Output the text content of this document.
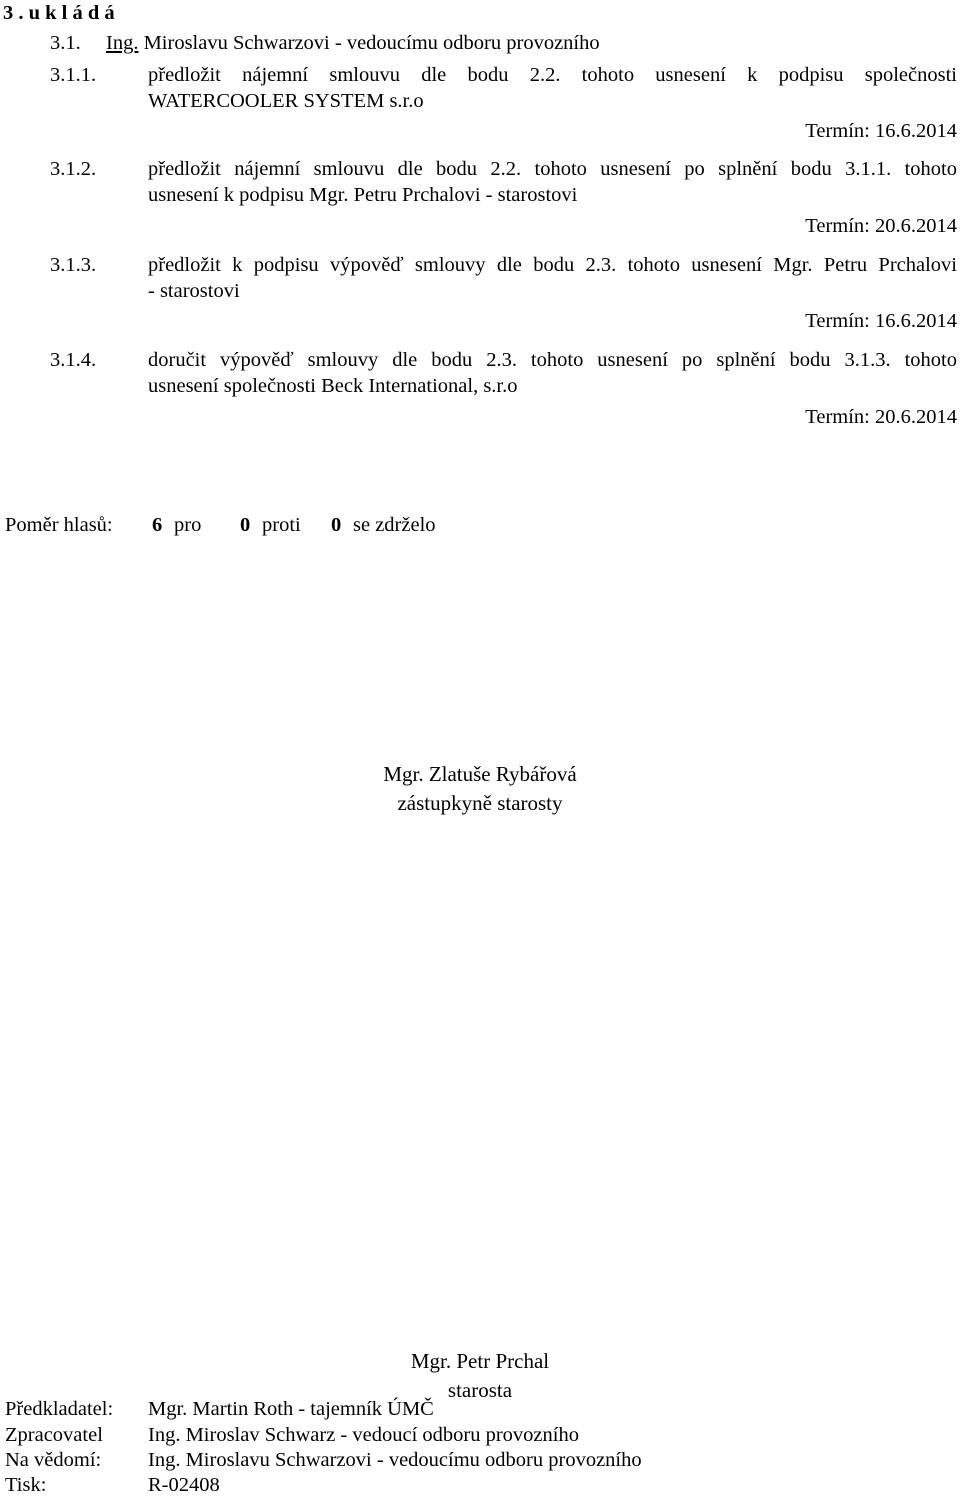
3 . u k l á d á
3.1. Ing. Miroslavu Schwarzovi - vedoucímu odboru provozního
3.1.1.	předložit nájemní smlouvu dle bodu 2.2. tohoto usnesení k podpisu společnosti
WATERCOOLER SYSTEM s.r.o
Termín: 16.6.2014
3.1.2.	předložit nájemní smlouvu dle bodu 2.2. tohoto usnesení po splnění bodu 3.1.1. tohoto
usnesení k podpisu Mgr. Petru Prchalovi - starostovi
Termín: 20.6.2014
3.1.3.	předložit k podpisu výpověď smlouvy dle bodu 2.3. tohoto usnesení Mgr. Petru Prchalovi
- starostovi
Termín: 16.6.2014
3.1.4.	doručit výpověď smlouvy dle bodu 2.3. tohoto usnesení po splnění bodu 3.1.3. tohoto
usnesení společnosti Beck International, s.r.o
Termín: 20.6.2014
Poměr hlasů: 6 pro 0 proti 0 se zdrželo
Mgr. Petr Prchal
starosta
Mgr. Zlatuše Rybářová
zástupkyně starosty
Předkladatel: Mgr. Martin Roth - tajemník ÚMČ
Zpracovatel Ing. Miroslav Schwarz - vedoucí odboru provozního
Na vědomí: Ing. Miroslavu Schwarzovi - vedoucímu odboru provozního
Tisk:	R-02408
